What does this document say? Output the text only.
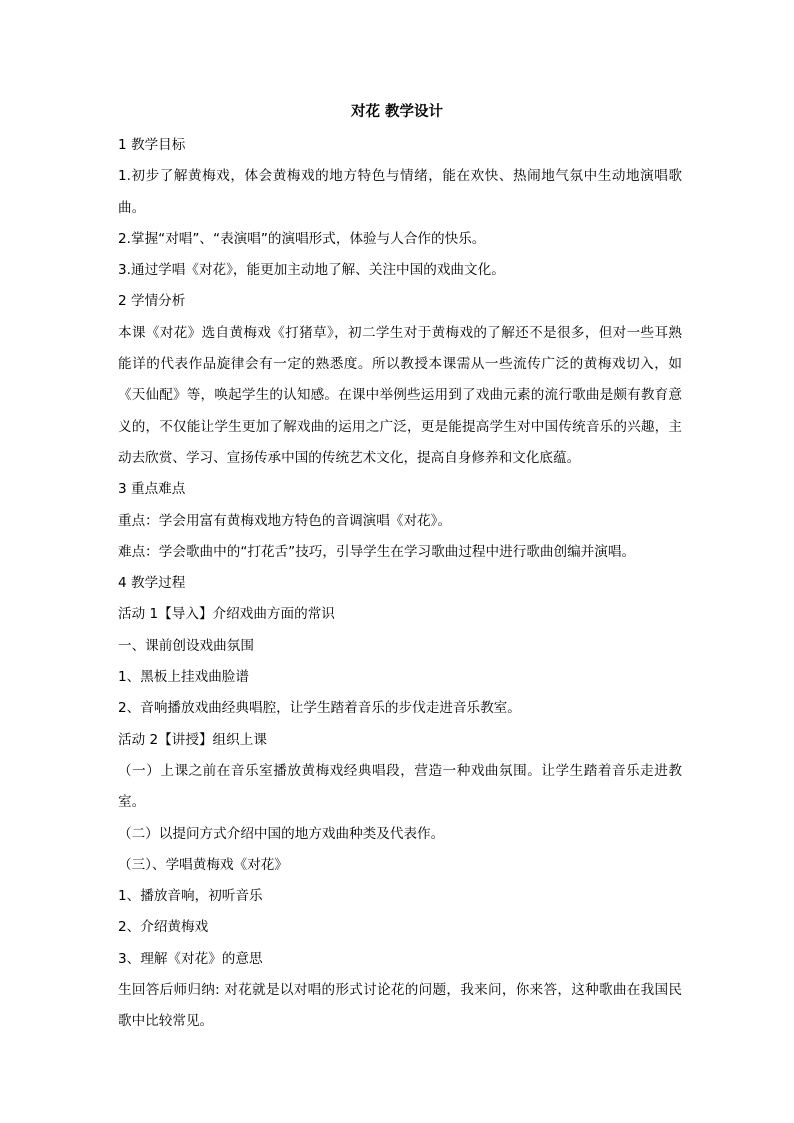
对花 教学设计

1 教学目标

1.初步了解黄梅戏，体会黄梅戏的地方特色与情绪，能在欢快、热闹地气氛中生动地演唱歌曲。

2.掌握“对唱”、“表演唱”的演唱形式，体验与人合作的快乐。

3.通过学唱《对花》，能更加主动地了解、关注中国的戏曲文化。

2 学情分析

本课《对花》选自黄梅戏《打猪草》，初二学生对于黄梅戏的了解还不是很多，但对一些耳熟能详的代表作品旋律会有一定的熟悉度。所以教授本课需从一些流传广泛的黄梅戏切入，如《天仙配》等，唤起学生的认知感。在课中举例些运用到了戏曲元素的流行歌曲是颇有教育意义的，不仅能让学生更加了解戏曲的运用之广泛，更是能提高学生对中国传统音乐的兴趣，主动去欣赏、学习、宣扬传承中国的传统艺术文化，提高自身修养和文化底蕴。

3 重点难点

重点：学会用富有黄梅戏地方特色的音调演唱《对花》。

难点：学会歌曲中的“打花舌”技巧，引导学生在学习歌曲过程中进行歌曲创编并演唱。

4 教学过程

活动 1【导入】介绍戏曲方面的常识

一、课前创设戏曲氛围

1、黑板上挂戏曲脸谱

2、音响播放戏曲经典唱腔，让学生踏着音乐的步伐走进音乐教室。

活动 2【讲授】组织上课

（一）上课之前在音乐室播放黄梅戏经典唱段，营造一种戏曲氛围。让学生踏着音乐走进教室。

（二）以提问方式介绍中国的地方戏曲种类及代表作。

（三）、学唱黄梅戏《对花》

1、播放音响，初听音乐

2、介绍黄梅戏

3、理解《对花》的意思

生回答后师归纳: 对花就是以对唱的形式讨论花的问题，我来问，你来答，这种歌曲在我国民歌中比较常见。
